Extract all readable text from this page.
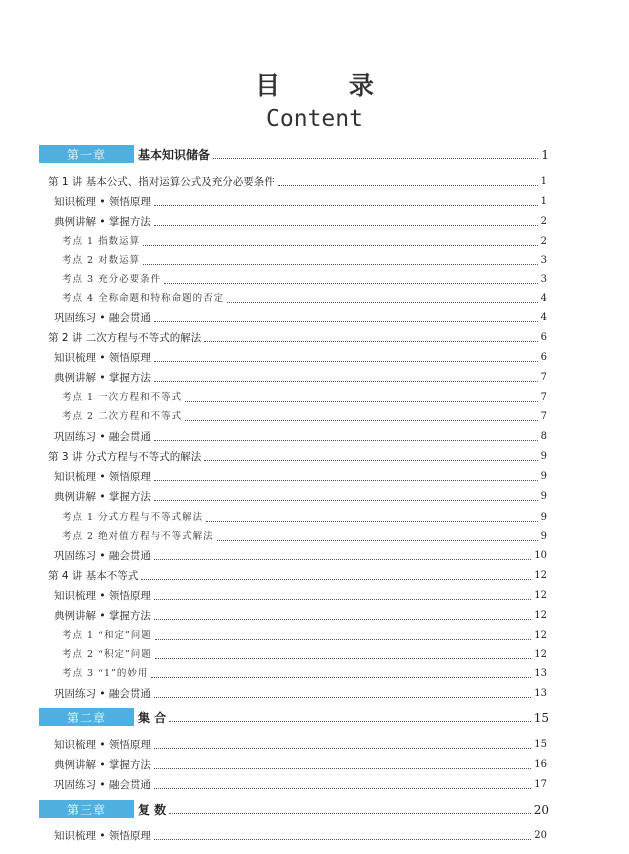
目 录
Content
第一章	基本知识储备	1
第 1 讲 基本公式、指对运算公式及充分必要条件	1
知识梳理 • 领悟原理	1
典例讲解 • 掌握方法	2
考点 1 指数运算	2
考点 2 对数运算	3
考点 3 充分必要条件	3
考点 4 全称命题和特称命题的否定	4
巩固练习 • 融会贯通	4
第 2 讲 二次方程与不等式的解法	6
知识梳理 • 领悟原理	6
典例讲解 • 掌握方法	7
考点 1 一次方程和不等式	7
考点 2 二次方程和不等式	7
巩固练习 • 融会贯通	8
第 3 讲 分式方程与不等式的解法	9
知识梳理 • 领悟原理	9
典例讲解 • 掌握方法	9
考点 1 分式方程与不等式解法	9
考点 2 绝对值方程与不等式解法	9
巩固练习 • 融会贯通	10
第 4 讲 基本不等式	12
知识梳理 • 领悟原理	12
典例讲解 • 掌握方法	12
考点 1 “和定”问题	12
考点 2 “积定”问题	12
考点 3 “1”的妙用	13
巩固练习 • 融会贯通	13
第二章	集 合	15
知识梳理 • 领悟原理	15
典例讲解 • 掌握方法	16
巩固练习 • 融会贯通	17
第三章	复 数	20
知识梳理 • 领悟原理	20
